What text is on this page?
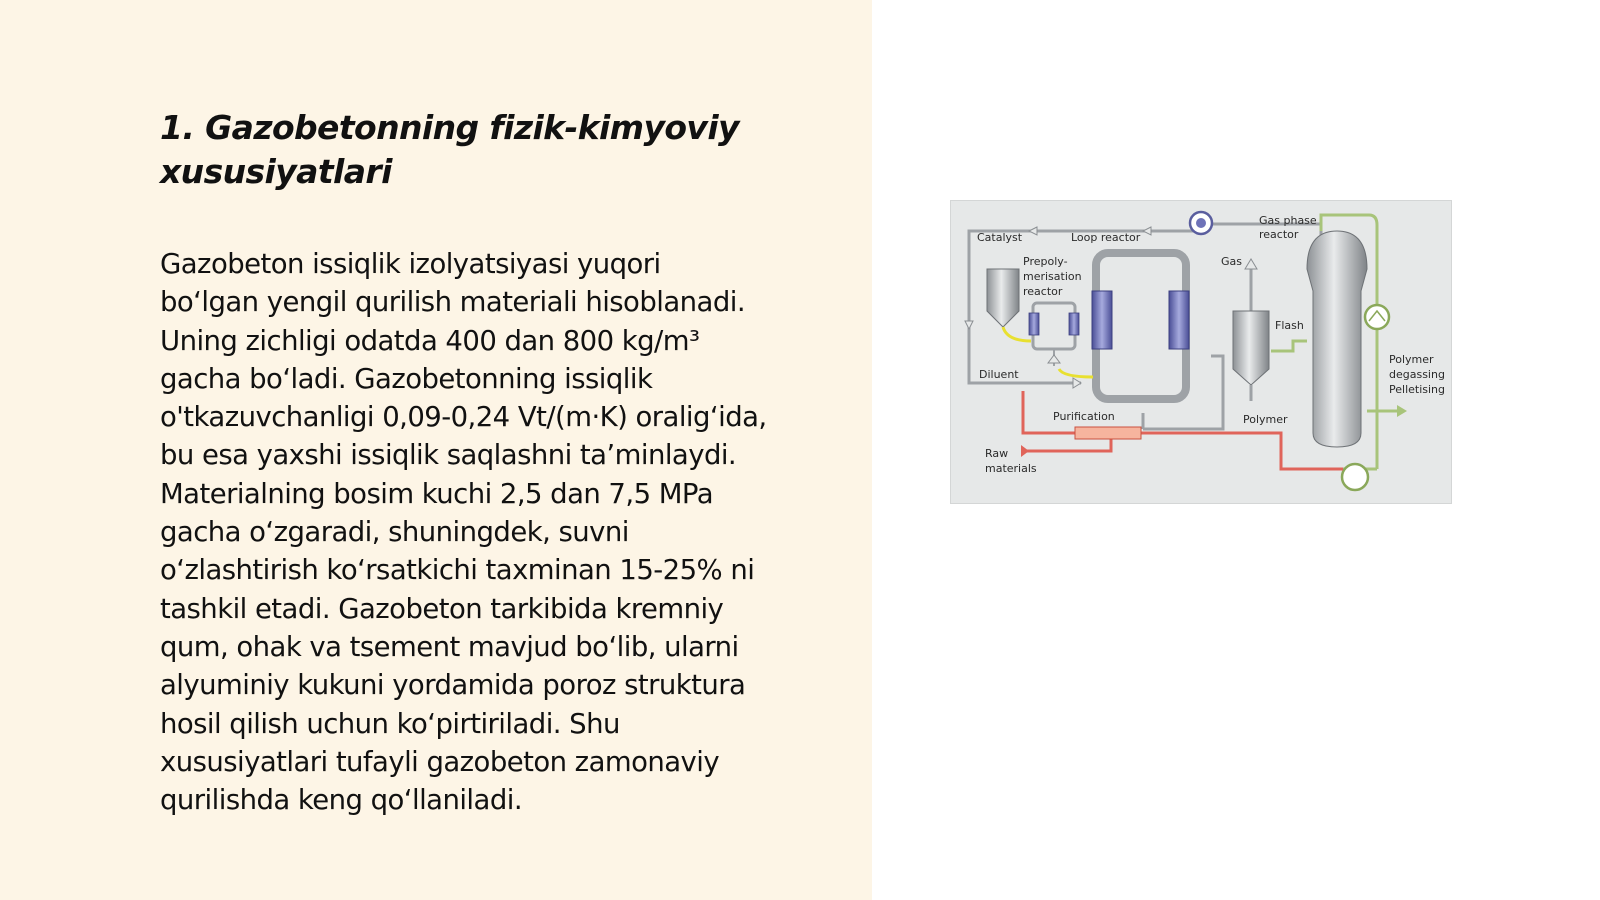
1. Gazobetonning fizik-kimyoviy
xususiyatlari

Gazobeton issiqlik izolyatsiyasi yuqori
bo‘lgan yengil qurilish materiali hisoblanadi.
Uning zichligi odatda 400 dan 800 kg/m³
gacha bo‘ladi. Gazobetonning issiqlik
o'tkazuvchanligi 0,09-0,24 Vt/(m·K) oralig‘ida,
bu esa yaxshi issiqlik saqlashni ta’minlaydi.
Materialning bosim kuchi 2,5 dan 7,5 MPa
gacha o‘zgaradi, shuningdek, suvni
o‘zlashtirish ko‘rsatkichi taxminan 15-25% ni
tashkil etadi. Gazobeton tarkibida kremniy
qum, ohak va tsement mavjud bo‘lib, ularni
alyuminiy kukuni yordamida poroz struktura
hosil qilish uchun ko‘pirtiriladi. Shu
xususiyatlari tufayli gazobeton zamonaviy
qurilishda keng qo‘llaniladi.

Catalyst	Loop reactor
Gas phase
reactor
Prepoly-
merisation
reactor
Gas
Flash
Diluent
Purification	Polymer
Polymer
degassing
Pelletising
Raw
materials
